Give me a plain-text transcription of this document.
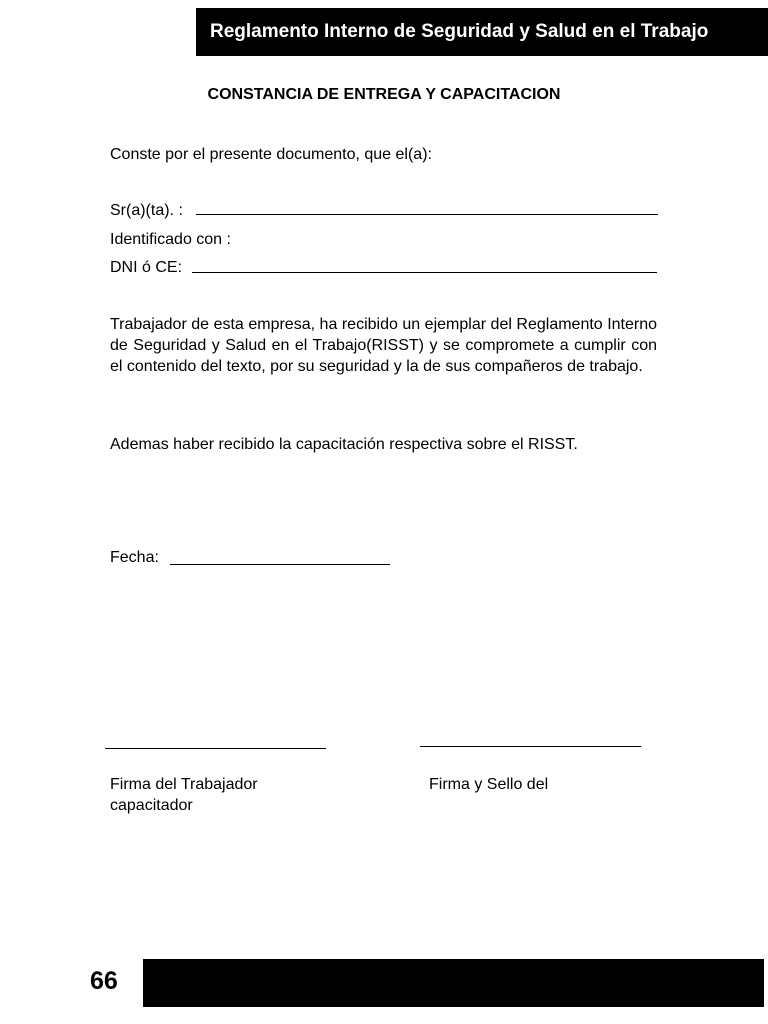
Reglamento Interno de Seguridad y Salud en el Trabajo
CONSTANCIA DE ENTREGA Y CAPACITACION
Conste por el presente documento, que el(a):
Sr(a)(ta). :
Identificado con :
DNI ó CE:
Trabajador de esta empresa, ha recibido un ejemplar del Reglamento Interno de Seguridad y Salud en el Trabajo(RISST) y se compromete a cumplir con el contenido del texto, por su seguridad y la de sus compañeros de trabajo.
Ademas haber recibido la capacitación respectiva sobre el RISST.
Fecha:
Firma del Trabajador
capacitador
Firma y Sello del
66
